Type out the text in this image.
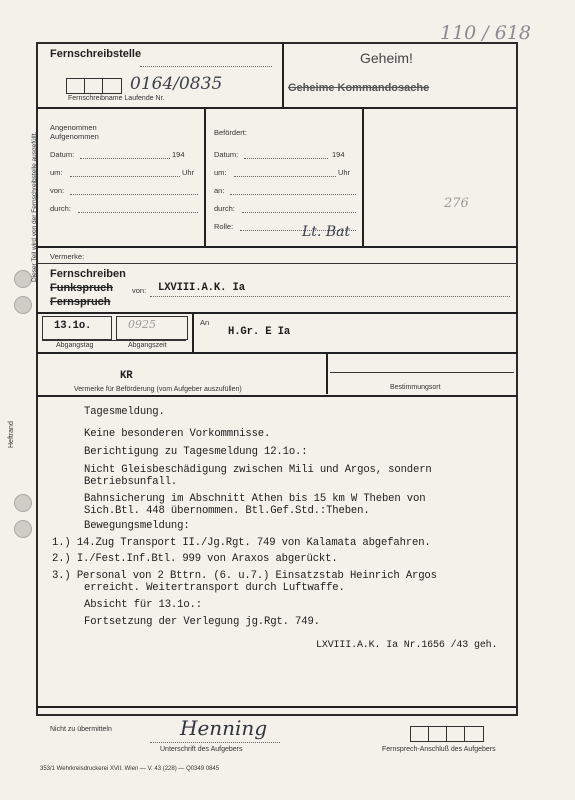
110 / 618
Fernschreibstelle
0164/0835
Fernschreibname Laufende Nr.
Geheim!
Geheime Kommandosache
Dieser Teil wird von der Fernschreibstelle ausgefüllt.
Heftrand
Angenommen
Aufgenommen
Datum:	194
um:	Uhr
von:
durch:
Befördert:
Datum:	194
um:	Uhr
an:
durch:
Rolle:	Lt. Bat
276
Vermerke:
Fernschreiben
Funkspruch
Fernspruch
von: LXVIII.A.K. Ia
13.1o.	0925
Abgangstag	Abgangszeit
An
H.Gr. E Ia
KR
Vermerke für Beförderung (vom Aufgeber auszufüllen)	Bestimmungsort
Tagesmeldung.
Keine besonderen Vorkommnisse.
Berichtigung zu Tagesmeldung 12.1o.:
Nicht Gleisbeschädigung zwischen Mili und Argos, sondern
Betriebsunfall.
Bahnsicherung im Abschnitt Athen bis 15 km W Theben von
Sich.Btl. 448 übernommen. Btl.Gef.Std.:Theben.
Bewegungsmeldung:
1.) 14.Zug Transport II./Jg.Rgt. 749 von Kalamata abgefahren.
2.) I./Fest.Inf.Btl. 999 von Araxos abgerückt.
3.) Personal von 2 Bttrn. (6. u.7.) Einsatzstab Heinrich Argos
erreicht. Weitertransport durch Luftwaffe.
Absicht für 13.1o.:
Fortsetzung der Verlegung jg.Rgt. 749.
LXVIII.A.K. Ia Nr.1656 /43 geh.
Nicht zu übermitteln	Henning
Unterschrift des Aufgebers	Fernsprech-Anschluß des Aufgebers
353/1 Wehrkreisdruckerei XVII. Wien — V. 43 (228) — Q0349 0845
